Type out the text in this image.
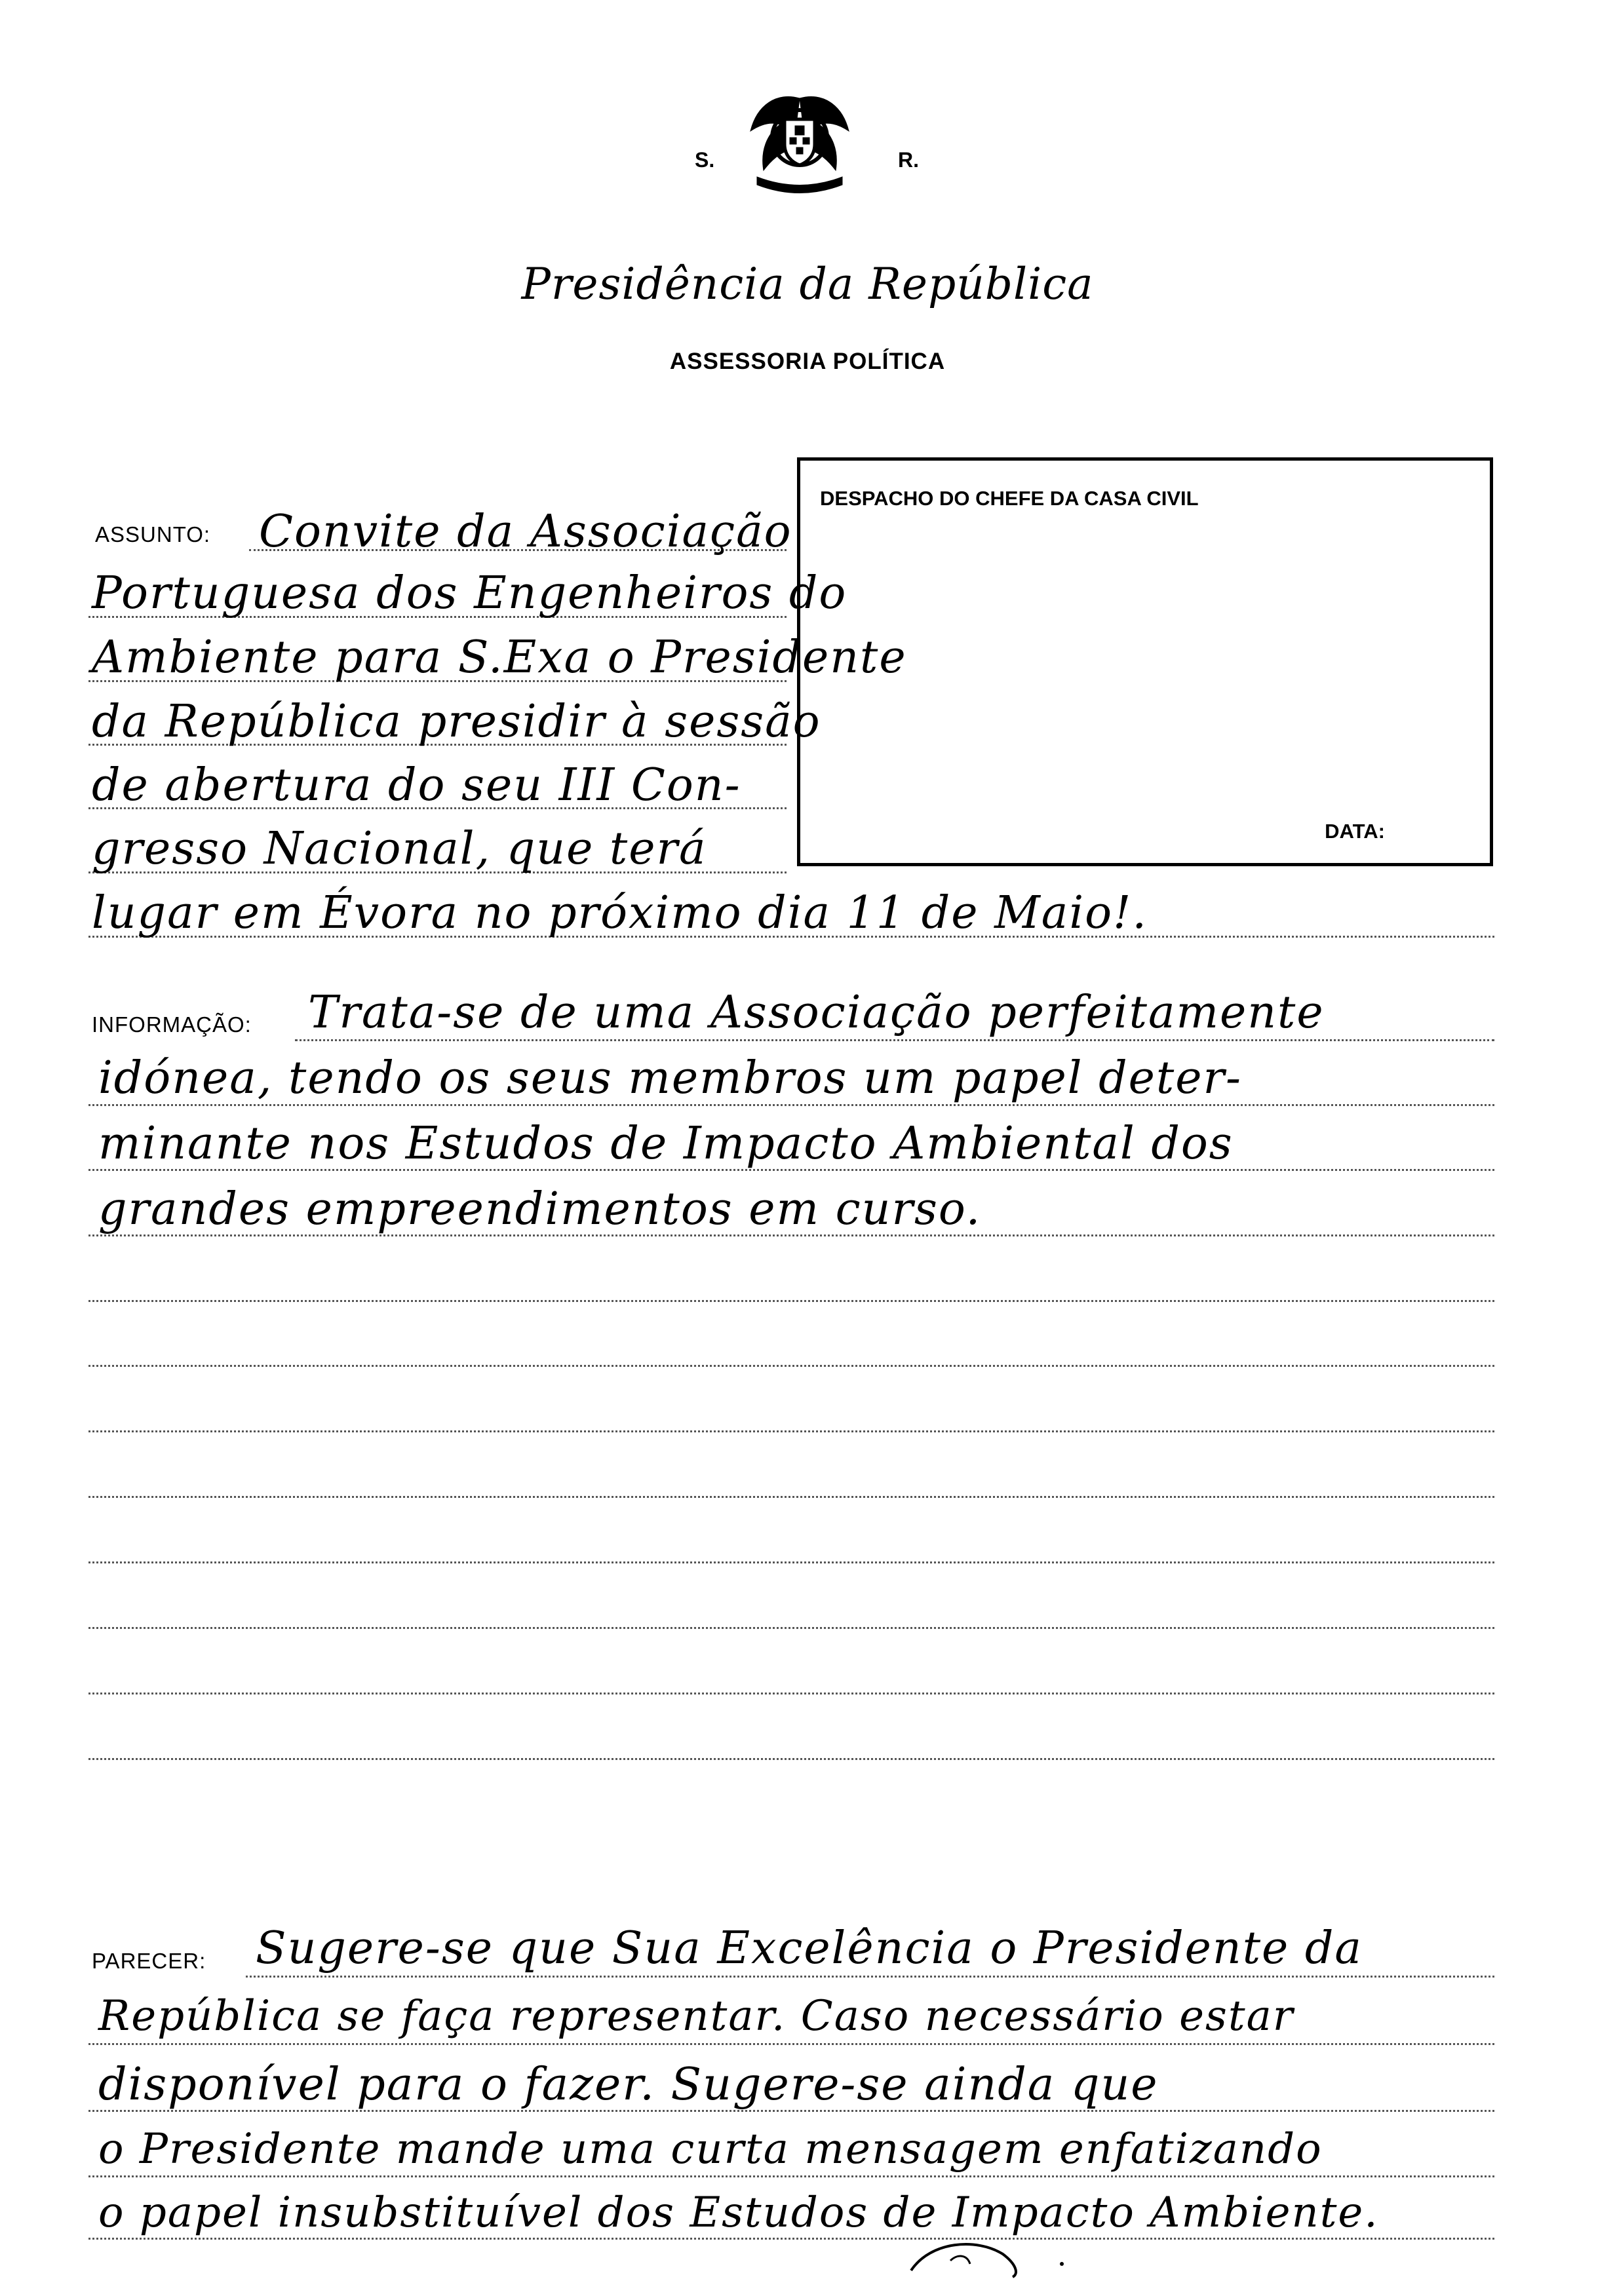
S.	R.
Presidência da República
ASSESSORIA POLÍTICA
DESPACHO DO CHEFE DA CASA CIVIL
DATA:
ASSUNTO: Convite da Associação
Portuguesa dos Engenheiros do
Ambiente para S.Exa o Presidente
da República presidir à sessão
de abertura do seu III Con-
gresso Nacional, que terá
lugar em Évora no próximo dia 11 de Maio!.
INFORMAÇÃO: Trata-se de uma Associação perfeitamente
idónea, tendo os seus membros um papel deter-
minante nos Estudos de Impacto Ambiental dos
grandes empreendimentos em curso.
PARECER: Sugere-se que Sua Excelência o Presidente da
República se faça representar. Caso necessário estar
disponível para o fazer. Sugere-se ainda que
o Presidente mande uma curta mensagem enfatizando
o papel insubstituível dos Estudos de Impacto Ambiente.
